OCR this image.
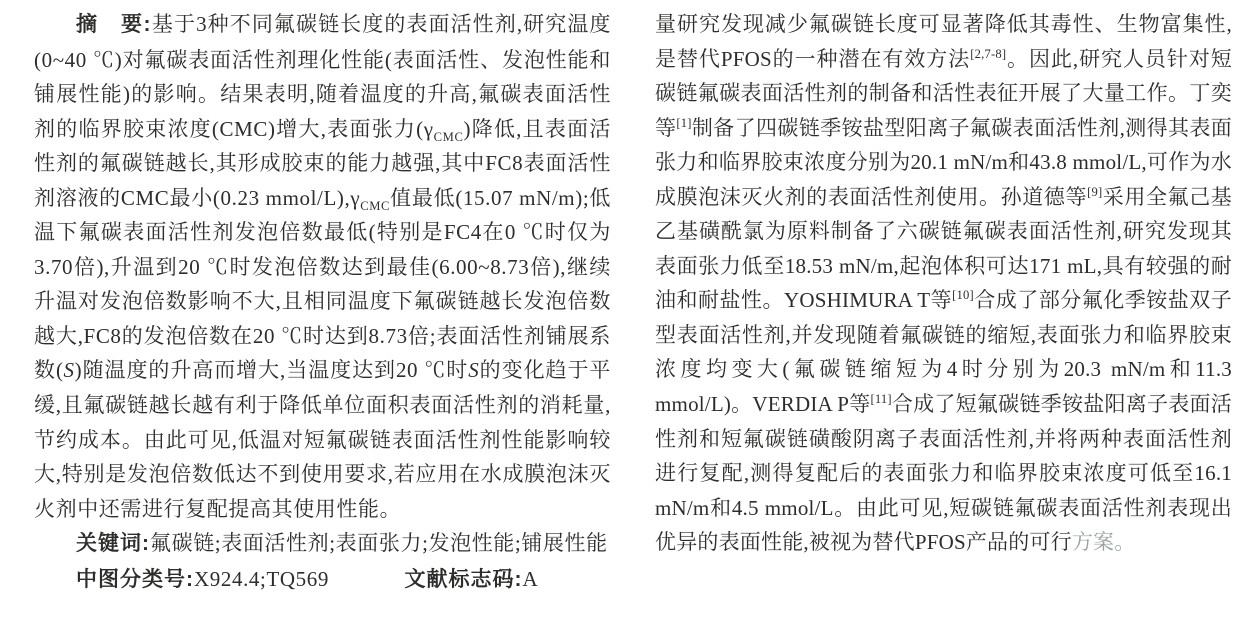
摘　要:基于3种不同氟碳链长度的表面活性剂,研究温度(0~40 ℃)对氟碳表面活性剂理化性能(表面活性、发泡性能和铺展性能)的影响。结果表明,随着温度的升高,氟碳表面活性剂的临界胶束浓度(CMC)增大,表面张力$(\gamma_{CMC})$降低,且表面活性剂的氟碳链越长,其形成胶束的能力越强,其中FC8表面活性剂溶液的CMC最小(0.23 mmol/$L),\gamma_{CMC}$值最低(15.07 mN/m);低温下氟碳表面活性剂发泡倍数最低(特别是FC4在0 ℃时仅为3.70倍),升温到20 ℃时发泡倍数达到最佳(6.00~8.73倍),继续升温对发泡倍数影响不大,且相同温度下氟碳链越长发泡倍数越大,FC8的发泡倍数在20 ℃时达到8.73倍;表面活性剂铺展系数(S)随温度的升高而增大,当温度达到20 ℃时S的变化趋于平缓,且氟碳链越长越有利于降低单位面积表面活性剂的消耗量,节约成本。由此可见,低温对短氟碳链表面活性剂性能影响较大,特别是发泡倍数低达不到使用要求,若应用在水成膜泡沫灭火剂中还需进行复配提高其使用性能。

关键词:氟碳链;表面活性剂;表面张力;发泡性能;铺展性能

中图分类号:X924.4;TQ569	文献标志码:A

量研究发现减少氟碳链长度可显著降低其毒性、生物富集性,是替代PFOS的一种潜在有效方法[2,7-8]。因此,研究人员针对短碳链氟碳表面活性剂的制备和活性表征开展了大量工作。丁奕等[1]制备了四碳链季铵盐型阳离子氟碳表面活性剂,测得其表面张力和临界胶束浓度分别为20.1 mN/m和43.8 mmol/L,可作为水成膜泡沫灭火剂的表面活性剂使用。孙道德等[9]采用全氟己基乙基磺酰氯为原料制备了六碳链氟碳表面活性剂,研究发现其表面张力低至18.53 mN/m,起泡体积可达171 mL,具有较强的耐油和耐盐性。YOSHIMURA T等[10]合成了部分氟化季铵盐双子型表面活性剂,并发现随着氟碳链的缩短,表面张力和临界胶束浓度均变大(氟碳链缩短为4时分别为20.3 mN/m和11.3 mmol/L)。VERDIA P等[11]合成了短氟碳链季铵盐阳离子表面活性剂和短氟碳链磺酸阴离子表面活性剂,并将两种表面活性剂进行复配,测得复配后的表面张力和临界胶束浓度可低至16.1 mN/m和4.5 mmol/L。由此可见,短碳链氟碳表面活性剂表现出优异的表面性能,被视为替代PFOS产品的可行方案。
